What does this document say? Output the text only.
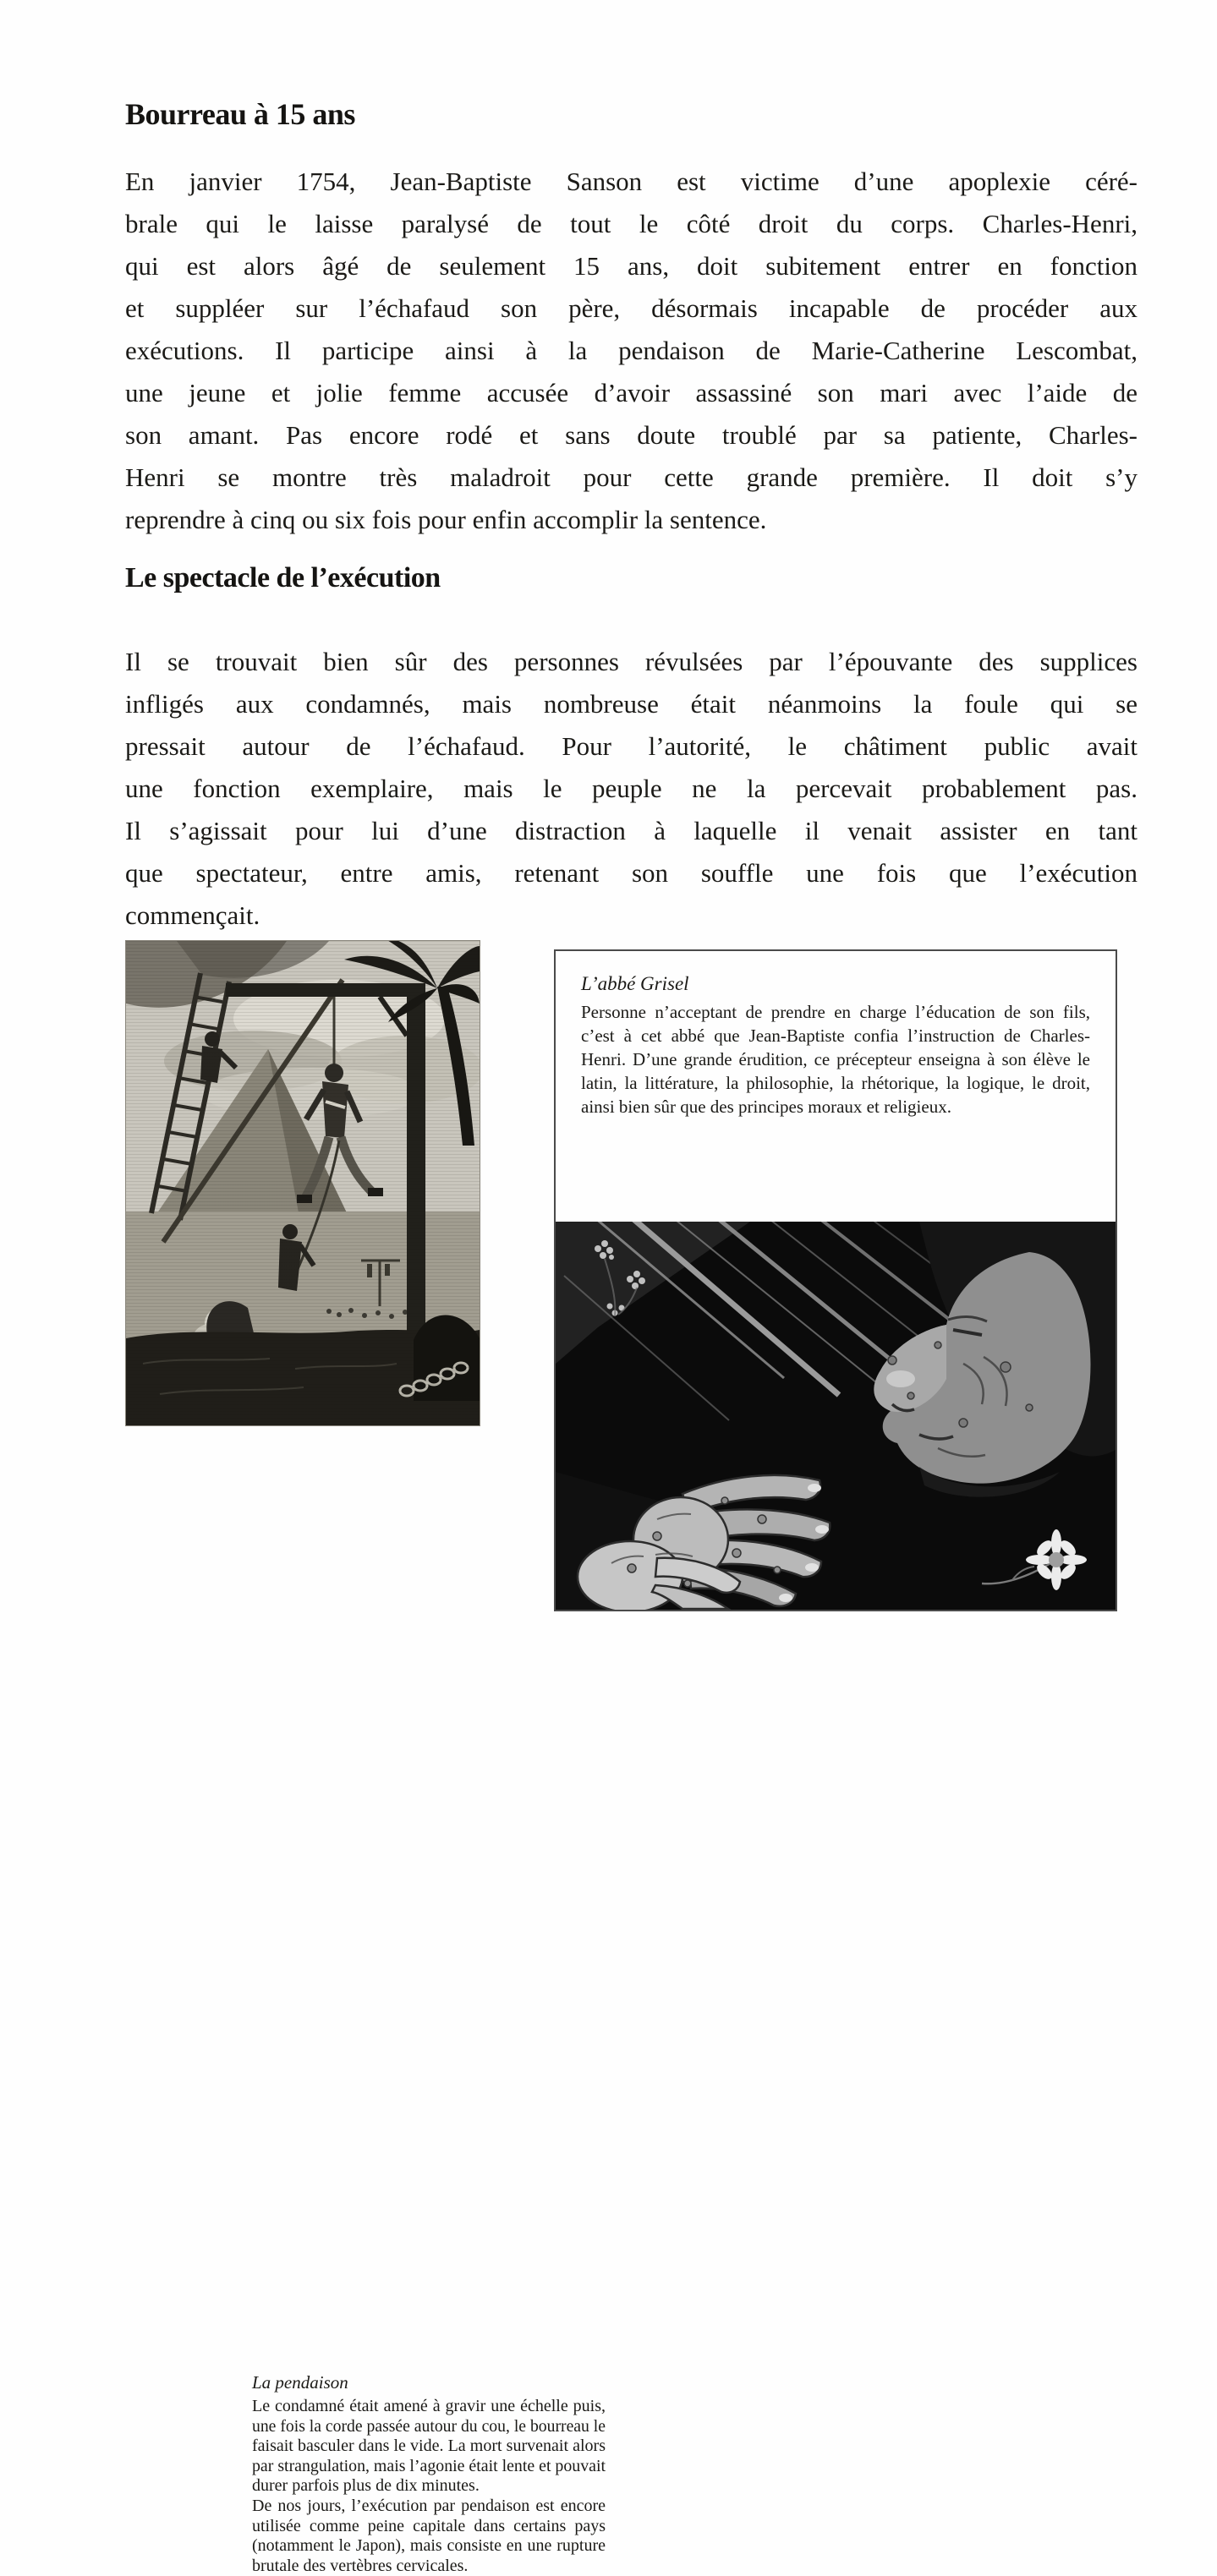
Bourreau à 15 ans
En janvier 1754, Jean-Baptiste Sanson est victime d’une apoplexie céré-
brale qui le laisse paralysé de tout le côté droit du corps. Charles-Henri,
qui est alors âgé de seulement 15 ans, doit subitement entrer en fonction
et suppléer sur l’échafaud son père, désormais incapable de procéder aux
exécutions. Il participe ainsi à la pendaison de Marie-Catherine Lescombat,
une jeune et jolie femme accusée d’avoir assassiné son mari avec l’aide de
son amant. Pas encore rodé et sans doute troublé par sa patiente, Charles-
Henri se montre très maladroit pour cette grande première. Il doit s’y
reprendre à cinq ou six fois pour enfin accomplir la sentence.
Le spectacle de l’exécution
Il se trouvait bien sûr des personnes révulsées par l’épouvante des supplices
infligés aux condamnés, mais nombreuse était néanmoins la foule qui se
pressait autour de l’échafaud. Pour l’autorité, le châtiment public avait
une fonction exemplaire, mais le peuple ne la percevait probablement pas.
Il s’agissait pour lui d’une distraction à laquelle il venait assister en tant
que spectateur, entre amis, retenant son souffle une fois que l’exécution
commençait.
La pendaison
Le condamné était amené à gravir une échelle puis,
une fois la corde passée autour du cou, le bourreau le
faisait basculer dans le vide. La mort survenait alors
par strangulation, mais l’agonie était lente et pouvait
durer parfois plus de dix minutes.
De nos jours, l’exécution par pendaison est encore
utilisée comme peine capitale dans certains pays
(notamment le Japon), mais consiste en une rupture
brutale des vertèbres cervicales.
L’abbé Grisel
Personne n’acceptant de prendre en charge l’éducation de son fils,
c’est à cet abbé que Jean-Baptiste confia l’instruction de Charles-
Henri. D’une grande érudition, ce précepteur enseigna à son élève le
latin, la littérature, la philosophie, la rhétorique, la logique, le droit,
ainsi bien sûr que des principes moraux et religieux.
